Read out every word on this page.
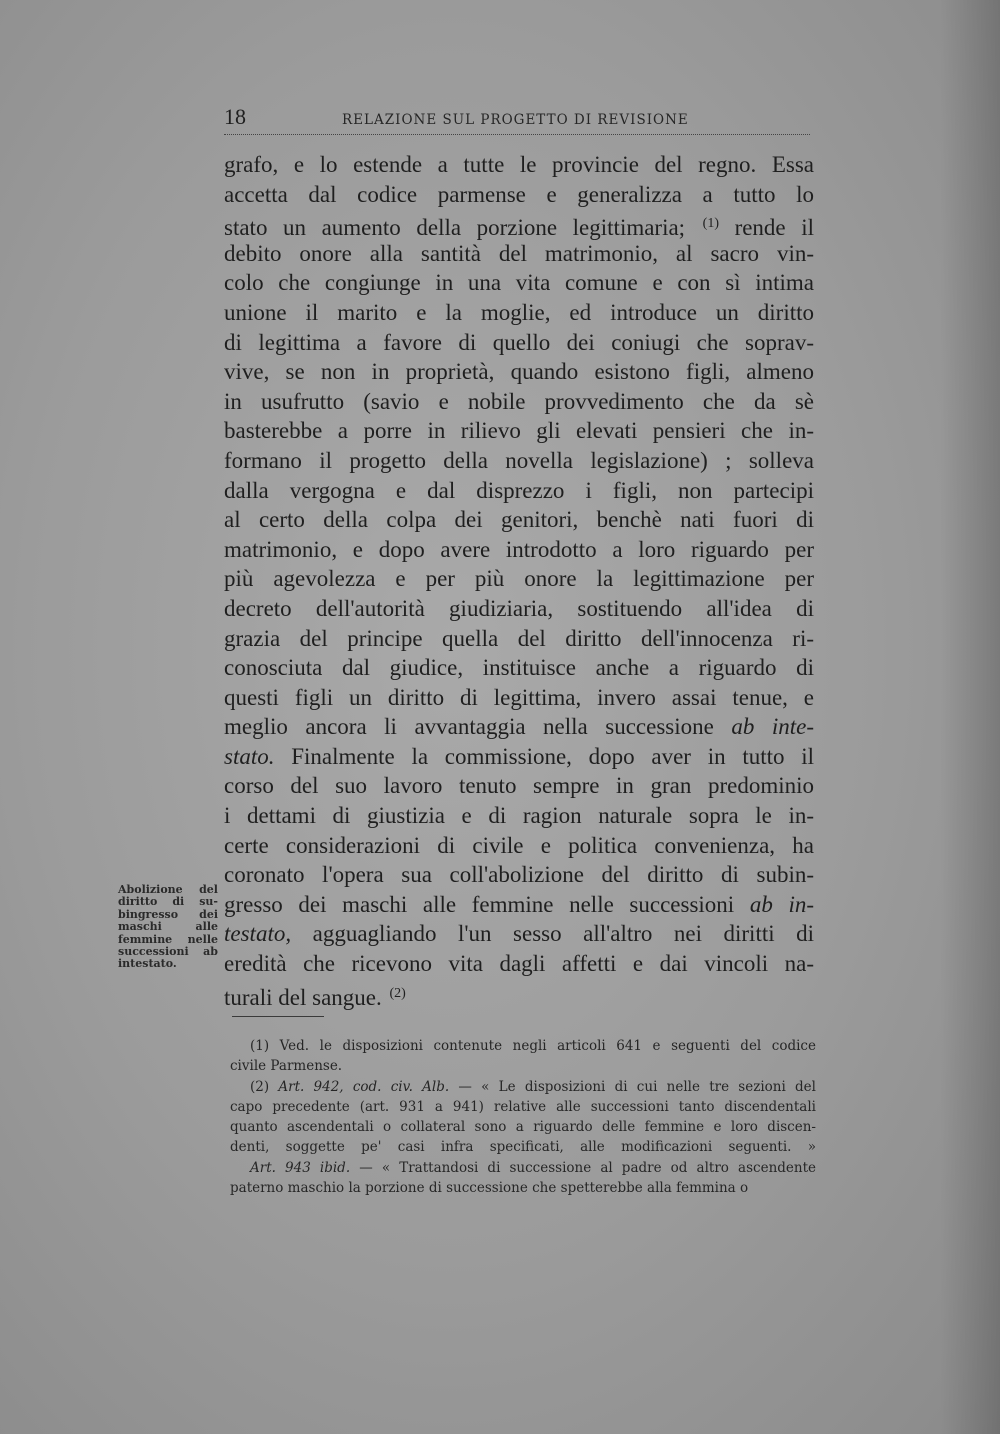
18	RELAZIONE SUL PROGETTO DI REVISIONE
grafo, e lo estende a tutte le provincie del regno. Essa
accetta dal codice parmense e generalizza a tutto lo
stato un aumento della porzione legittimaria; $^{(1)}$ rende il
debito onore alla santità del matrimonio, al sacro vin-
colo che congiunge in una vita comune e con sì intima
unione il marito e la moglie, ed introduce un diritto
di legittima a favore di quello dei coniugi che soprav-
vive, se non in proprietà, quando esistono figli, almeno
in usufrutto (savio e nobile provvedimento che da sè
basterebbe a porre in rilievo gli elevati pensieri che in-
formano il progetto della novella legislazione) ; solleva
dalla vergogna e dal disprezzo i figli, non partecipi
al certo della colpa dei genitori, benchè nati fuori di
matrimonio, e dopo avere introdotto a loro riguardo per
più agevolezza e per più onore la legittimazione per
decreto dell'autorità giudiziaria, sostituendo all'idea di
grazia del principe quella del diritto dell'innocenza ri-
conosciuta dal giudice, instituisce anche a riguardo di
questi figli un diritto di legittima, invero assai tenue, e
meglio ancora li avvantaggia nella successione ab inte-
stato. Finalmente la commissione, dopo aver in tutto il
corso del suo lavoro tenuto sempre in gran predominio
i dettami di giustizia e di ragion naturale sopra le in-
certe considerazioni di civile e politica convenienza, ha
coronato l'opera sua coll'abolizione del diritto di subin-
gresso dei maschi alle femmine nelle successioni ab in-
testato, agguagliando l'un sesso all'altro nei diritti di
eredità che ricevono vita dagli affetti e dai vincoli na-
turali del sangue. $^{(2)}$
Abolizione del
diritto di su-
bingresso dei
maschi alle
femmine nelle
successioni ab
intestato.
(1) Ved. le disposizioni contenute negli articoli 641 e seguenti del codice
civile Parmense.
(2) Art. 942, cod. civ. Alb. — « Le disposizioni di cui nelle tre sezioni del
capo precedente (art. 931 a 941) relative alle successioni tanto discendentali
quanto ascendentali o collateral sono a riguardo delle femmine e loro discen-
denti, soggette pe' casi infra specificati, alle modificazioni seguenti. »
Art. 943 ibid. — « Trattandosi di successione al padre od altro ascendente
paterno maschio la porzione di successione che spetterebbe alla femmina o
